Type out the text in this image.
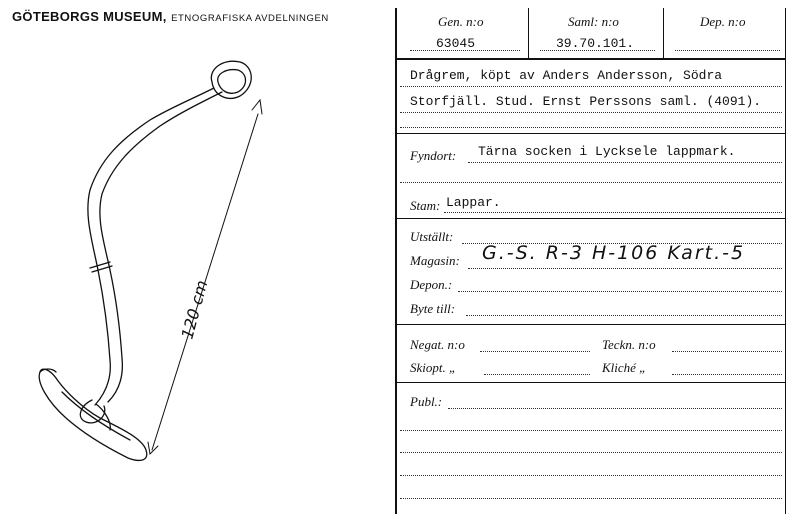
GÖTEBORGS MUSEUM, ETNOGRAFISKA AVDELNINGEN
120 cm
Gen. n:o
63045
Saml: n:o
39.70.101.
Dep. n:o
Drågrem, köpt av Anders Andersson, Södra
Storfjäll. Stud. Ernst Perssons saml. (4091).
Fyndort: Tärna socken i Lycksele lappmark.
Stam: Lappar.
Utställt:
Magasin: G.-S. R-3 H-106 Kart.-5
Depon.:
Byte till:
Negat. n:o	Teckn. n:o
Skiopt. „	Kliché „
Publ.:
